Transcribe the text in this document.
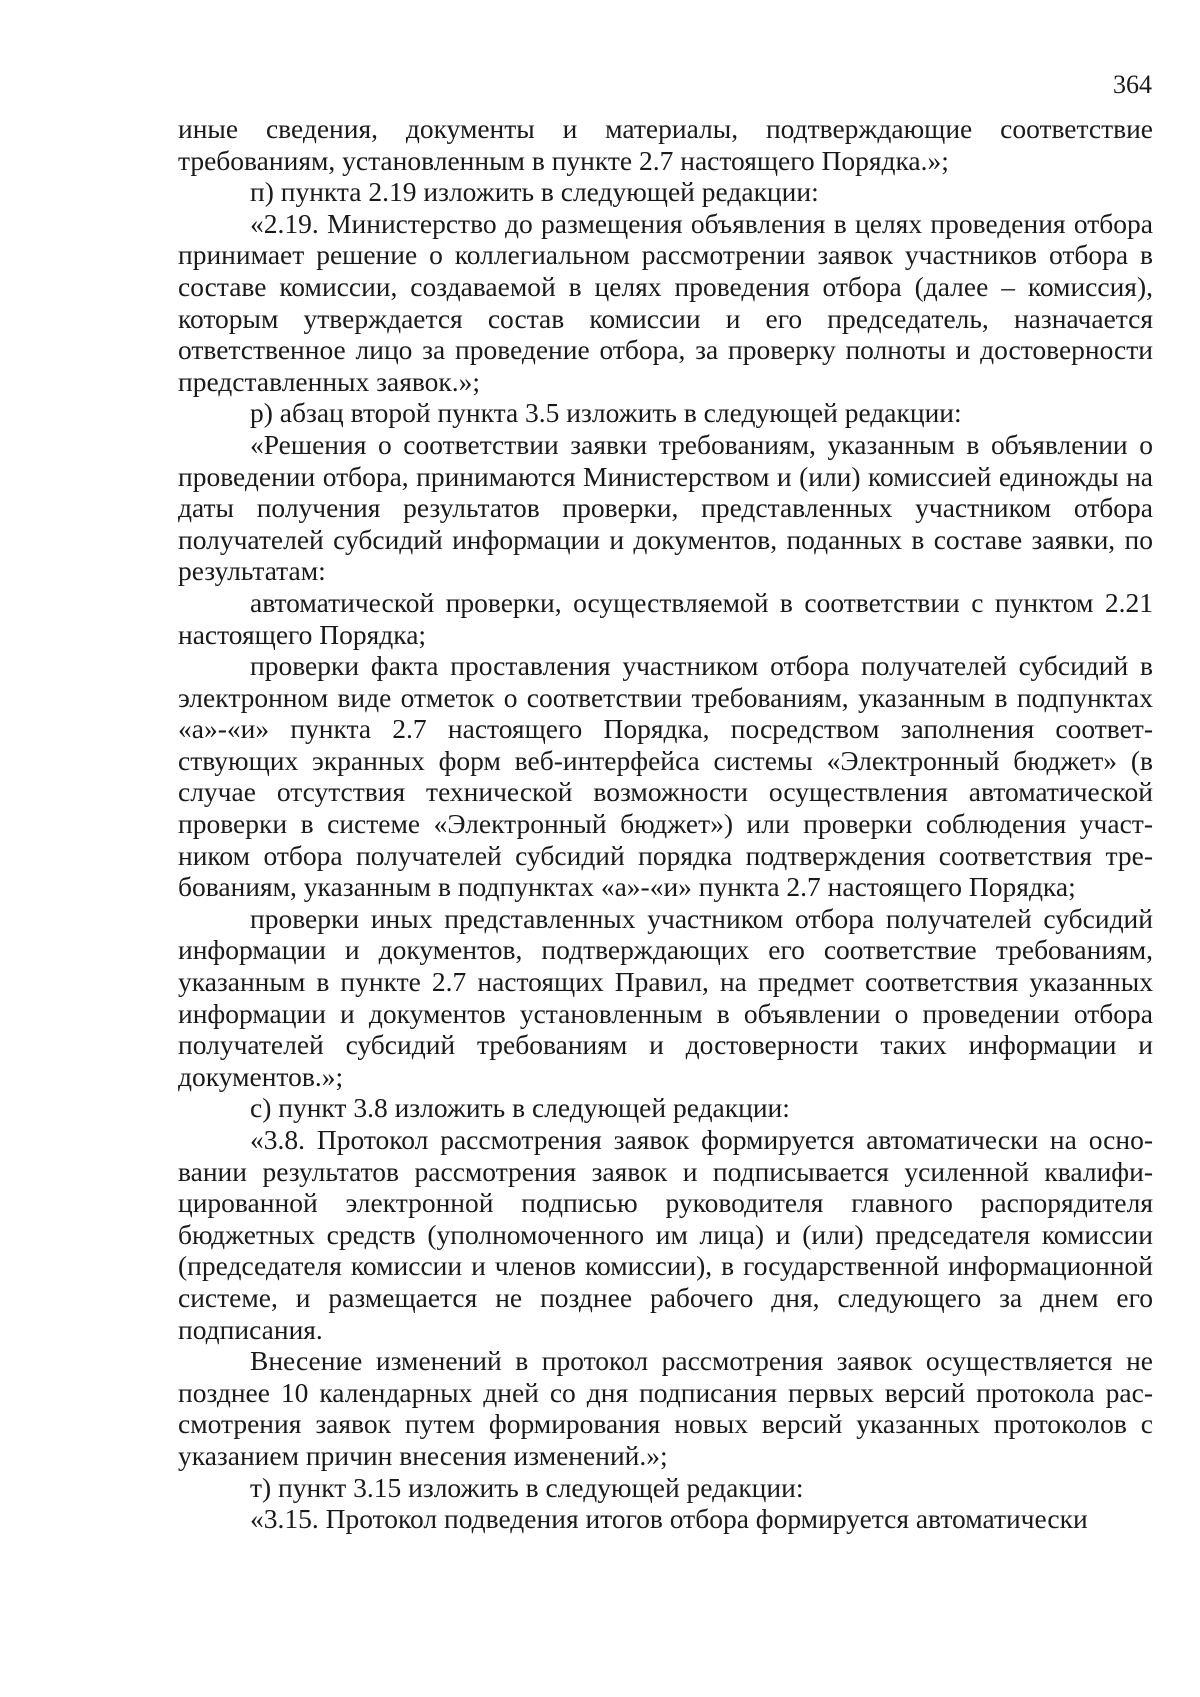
364

иные сведения, документы и материалы, подтверждающие соответствие требованиям, установленным в пункте 2.7 настоящего Порядка.»;

п) пункта 2.19 изложить в следующей редакции:

«2.19. Министерство до размещения объявления в целях проведения отбора принимает решение о коллегиальном рассмотрении заявок участников отбора в составе комиссии, создаваемой в целях проведения отбора (далее – комиссия), которым утверждается состав комиссии и его председатель, назначается ответственное лицо за проведение отбора, за проверку полноты и достоверности представленных заявок.»;

р) абзац второй пункта 3.5 изложить в следующей редакции:

«Решения о соответствии заявки требованиям, указанным в объявлении о проведении отбора, принимаются Министерством и (или) комиссией единожды на даты получения результатов проверки, представленных участником отбора получателей субсидий информации и документов, поданных в составе заявки, по результатам:

автоматической проверки, осуществляемой в соответствии с пунктом 2.21 настоящего Порядка;

проверки факта проставления участником отбора получателей субсидий в электронном виде отметок о соответствии требованиям, указанным в подпунктах «а»-«и» пункта 2.7 настоящего Порядка, посредством заполнения соответствующих экранных форм веб-интерфейса системы «Электронный бюджет» (в случае отсутствия технической возможности осуществления автоматической проверки в системе «Электронный бюджет») или проверки соблюдения участником отбора получателей субсидий порядка подтверждения соответствия требованиям, указанным в подпунктах «а»-«и» пункта 2.7 настоящего Порядка;

проверки иных представленных участником отбора получателей субсидий информации и документов, подтверждающих его соответствие требованиям, указанным в пункте 2.7 настоящих Правил, на предмет соответствия указанных информации и документов установленным в объявлении о проведении отбора получателей субсидий требованиям и достоверности таких информации и документов.»;

с) пункт 3.8 изложить в следующей редакции:

«3.8. Протокол рассмотрения заявок формируется автоматически на основании результатов рассмотрения заявок и подписывается усиленной квалифицированной электронной подписью руководителя главного распорядителя бюджетных средств (уполномоченного им лица) и (или) председателя комиссии (председателя комиссии и членов комиссии), в государственной информационной системе, и размещается не позднее рабочего дня, следующего за днем его подписания.

Внесение изменений в протокол рассмотрения заявок осуществляется не позднее 10 календарных дней со дня подписания первых версий протокола рассмотрения заявок путем формирования новых версий указанных протоколов с указанием причин внесения изменений.»;

т) пункт 3.15 изложить в следующей редакции:

«3.15. Протокол подведения итогов отбора формируется автоматически
